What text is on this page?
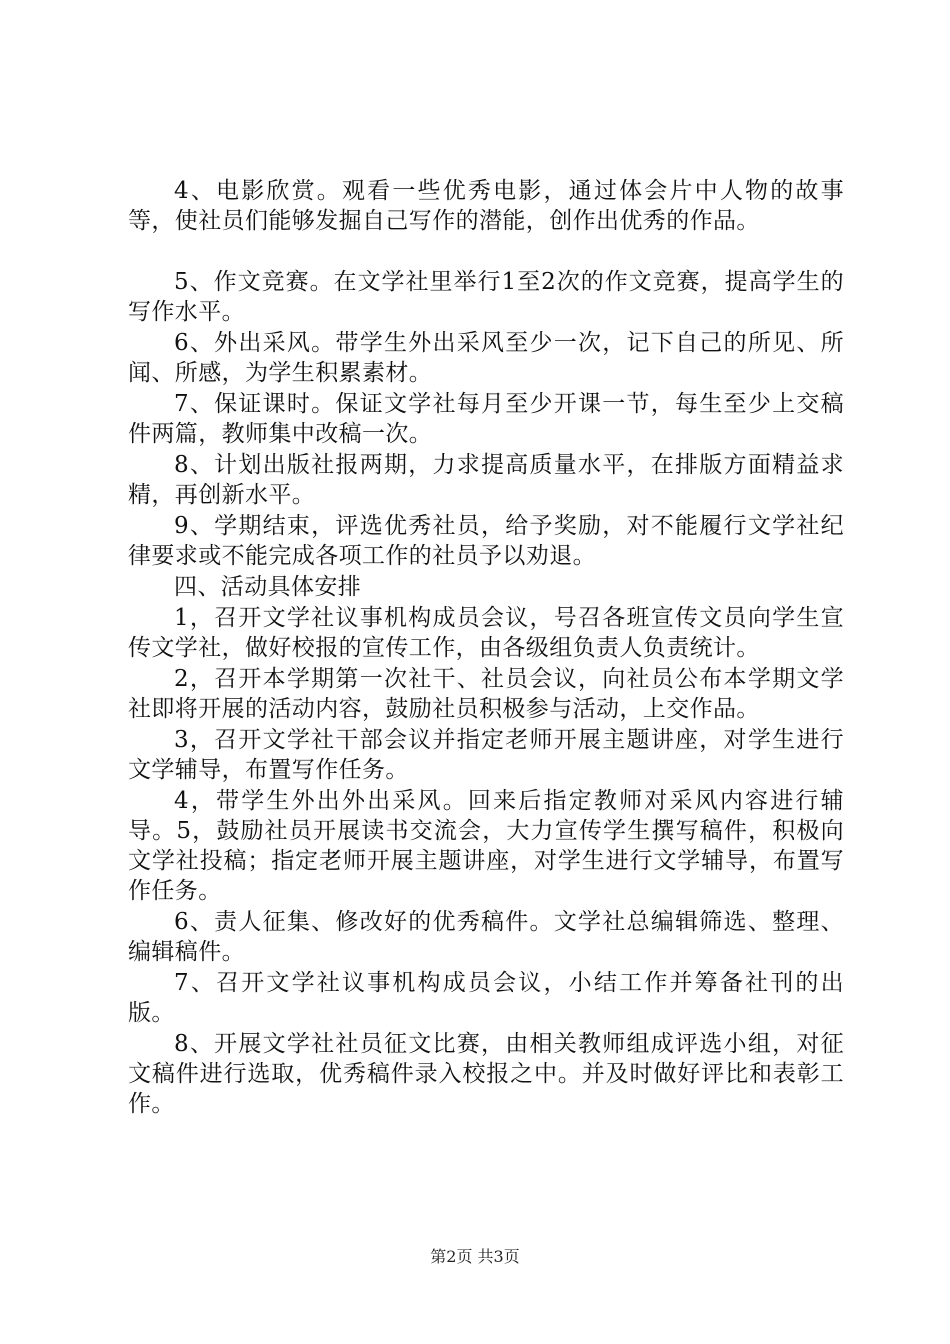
4、电影欣赏。观看一些优秀电影，通过体会片中人物的故事等，使社员们能够发掘自己写作的潜能，创作出优秀的作品。

5、作文竞赛。在文学社里举行1至2次的作文竞赛，提高学生的写作水平。

6、外出采风。带学生外出采风至少一次，记下自己的所见、所闻、所感，为学生积累素材。

7、保证课时。保证文学社每月至少开课一节，每生至少上交稿件两篇，教师集中改稿一次。

8、计划出版社报两期，力求提高质量水平，在排版方面精益求精，再创新水平。

9、学期结束，评选优秀社员，给予奖励，对不能履行文学社纪律要求或不能完成各项工作的社员予以劝退。

四、活动具体安排

1，召开文学社议事机构成员会议，号召各班宣传文员向学生宣传文学社，做好校报的宣传工作，由各级组负责人负责统计。

2，召开本学期第一次社干、社员会议，向社员公布本学期文学社即将开展的活动内容，鼓励社员积极参与活动，上交作品。

3，召开文学社干部会议并指定老师开展主题讲座，对学生进行文学辅导，布置写作任务。

4，带学生外出外出采风。回来后指定教师对采风内容进行辅导。5，鼓励社员开展读书交流会，大力宣传学生撰写稿件，积极向文学社投稿；指定老师开展主题讲座，对学生进行文学辅导，布置写作任务。

6、责人征集、修改好的优秀稿件。文学社总编辑筛选、整理、编辑稿件。

7、召开文学社议事机构成员会议，小结工作并筹备社刊的出版。

8、开展文学社社员征文比赛，由相关教师组成评选小组，对征文稿件进行选取，优秀稿件录入校报之中。并及时做好评比和表彰工作。

第2页 共3页
